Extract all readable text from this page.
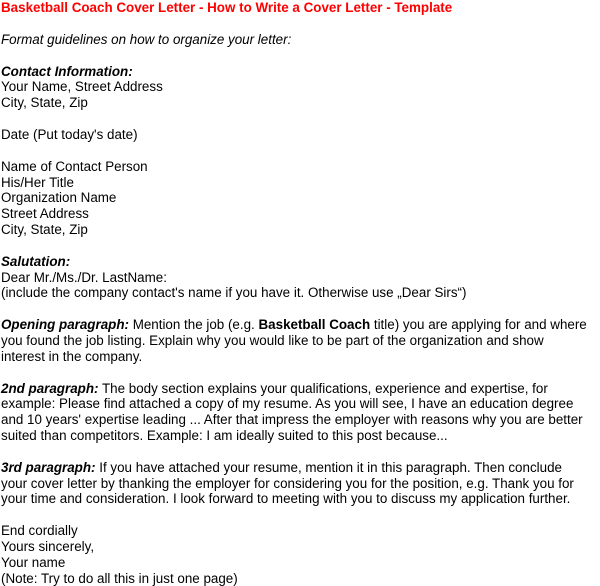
Basketball Coach Cover Letter - How to Write a Cover Letter - Template
Format guidelines on how to organize your letter:
Contact Information:
Your Name, Street Address
City, State, Zip
Date (Put today's date)
Name of Contact Person
His/Her Title
Organization Name
Street Address
City, State, Zip
Salutation:
Dear Mr./Ms./Dr. LastName:
(include the company contact's name if you have it. Otherwise use „Dear Sirs“)
Opening paragraph: Mention the job (e.g. Basketball Coach title) you are applying for and where
you found the job listing. Explain why you would like to be part of the organization and show
interest in the company.
2nd paragraph: The body section explains your qualifications, experience and expertise, for
example: Please find attached a copy of my resume. As you will see, I have an education degree
and 10 years' expertise leading ... After that impress the employer with reasons why you are better
suited than competitors. Example: I am ideally suited to this post because...
3rd paragraph: If you have attached your resume, mention it in this paragraph. Then conclude
your cover letter by thanking the employer for considering you for the position, e.g. Thank you for
your time and consideration. I look forward to meeting with you to discuss my application further.
End cordially
Yours sincerely,
Your name
(Note: Try to do all this in just one page)
